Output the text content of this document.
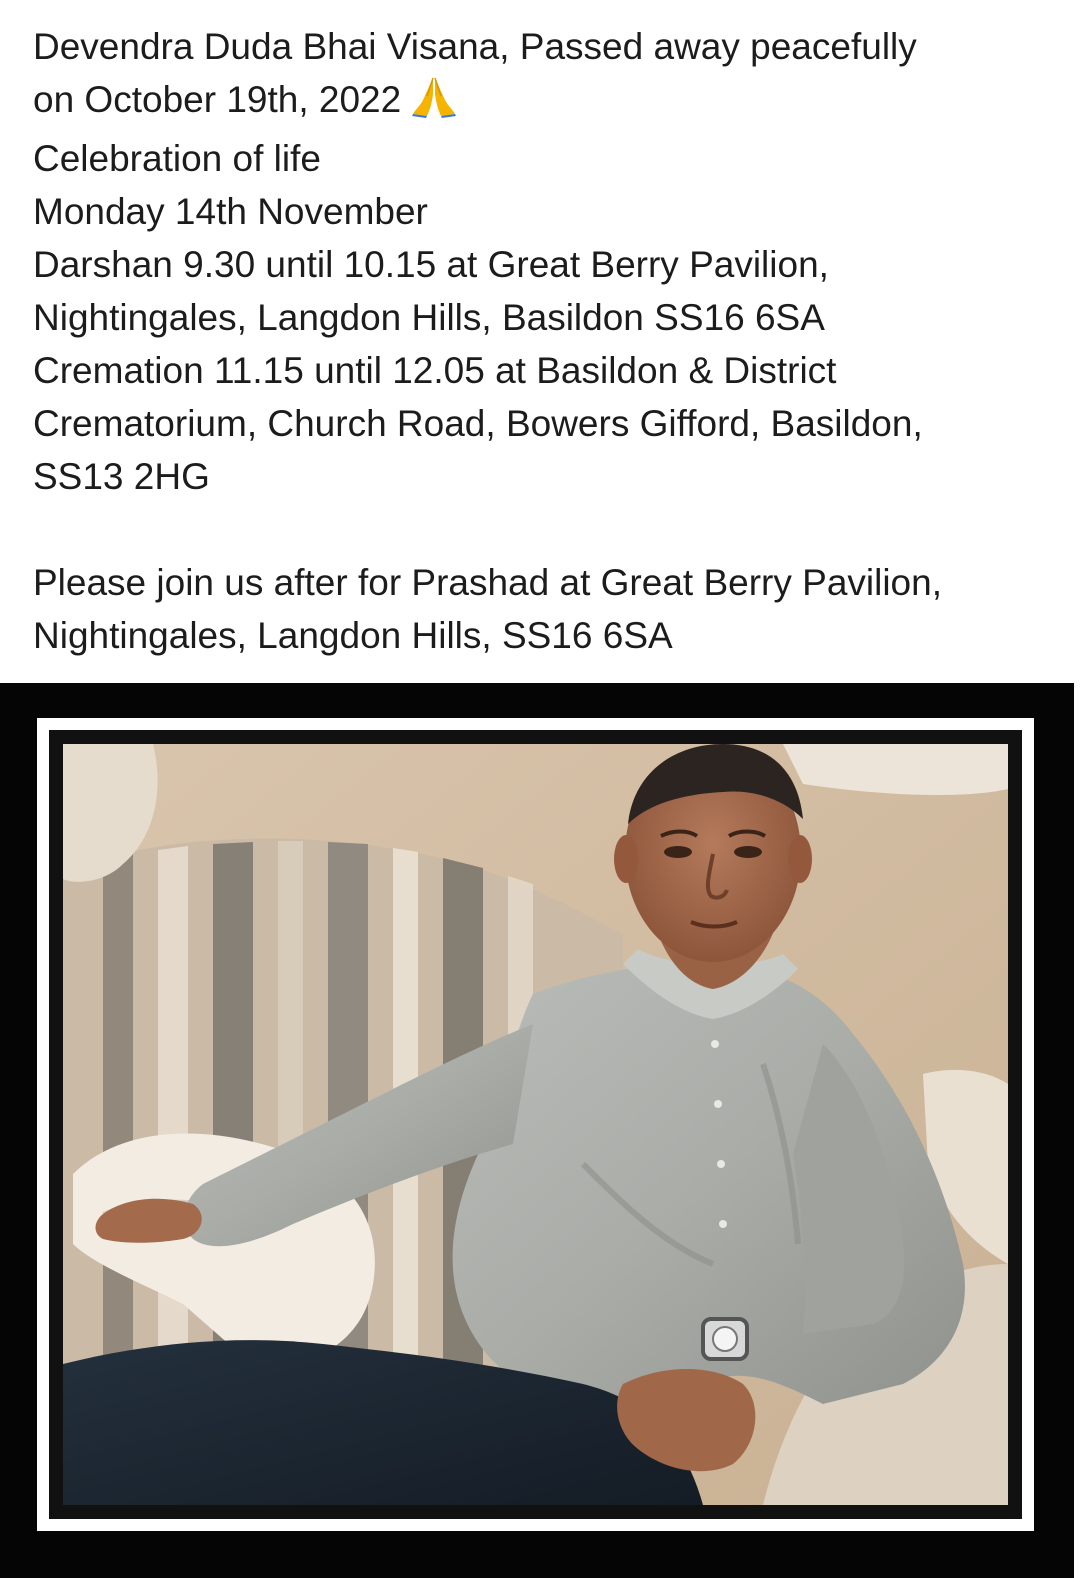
Devendra Duda Bhai Visana, Passed away peacefully
on October 19th, 2022
Celebration of life
Monday 14th November
Darshan 9.30 until 10.15 at Great Berry Pavilion,
Nightingales, Langdon Hills, Basildon SS16 6SA
Cremation 11.15 until 12.05 at Basildon & District
Crematorium, Church Road, Bowers Gifford, Basildon,
SS13 2HG
Please join us after for Prashad at Great Berry Pavilion,
Nightingales, Langdon Hills, SS16 6SA
